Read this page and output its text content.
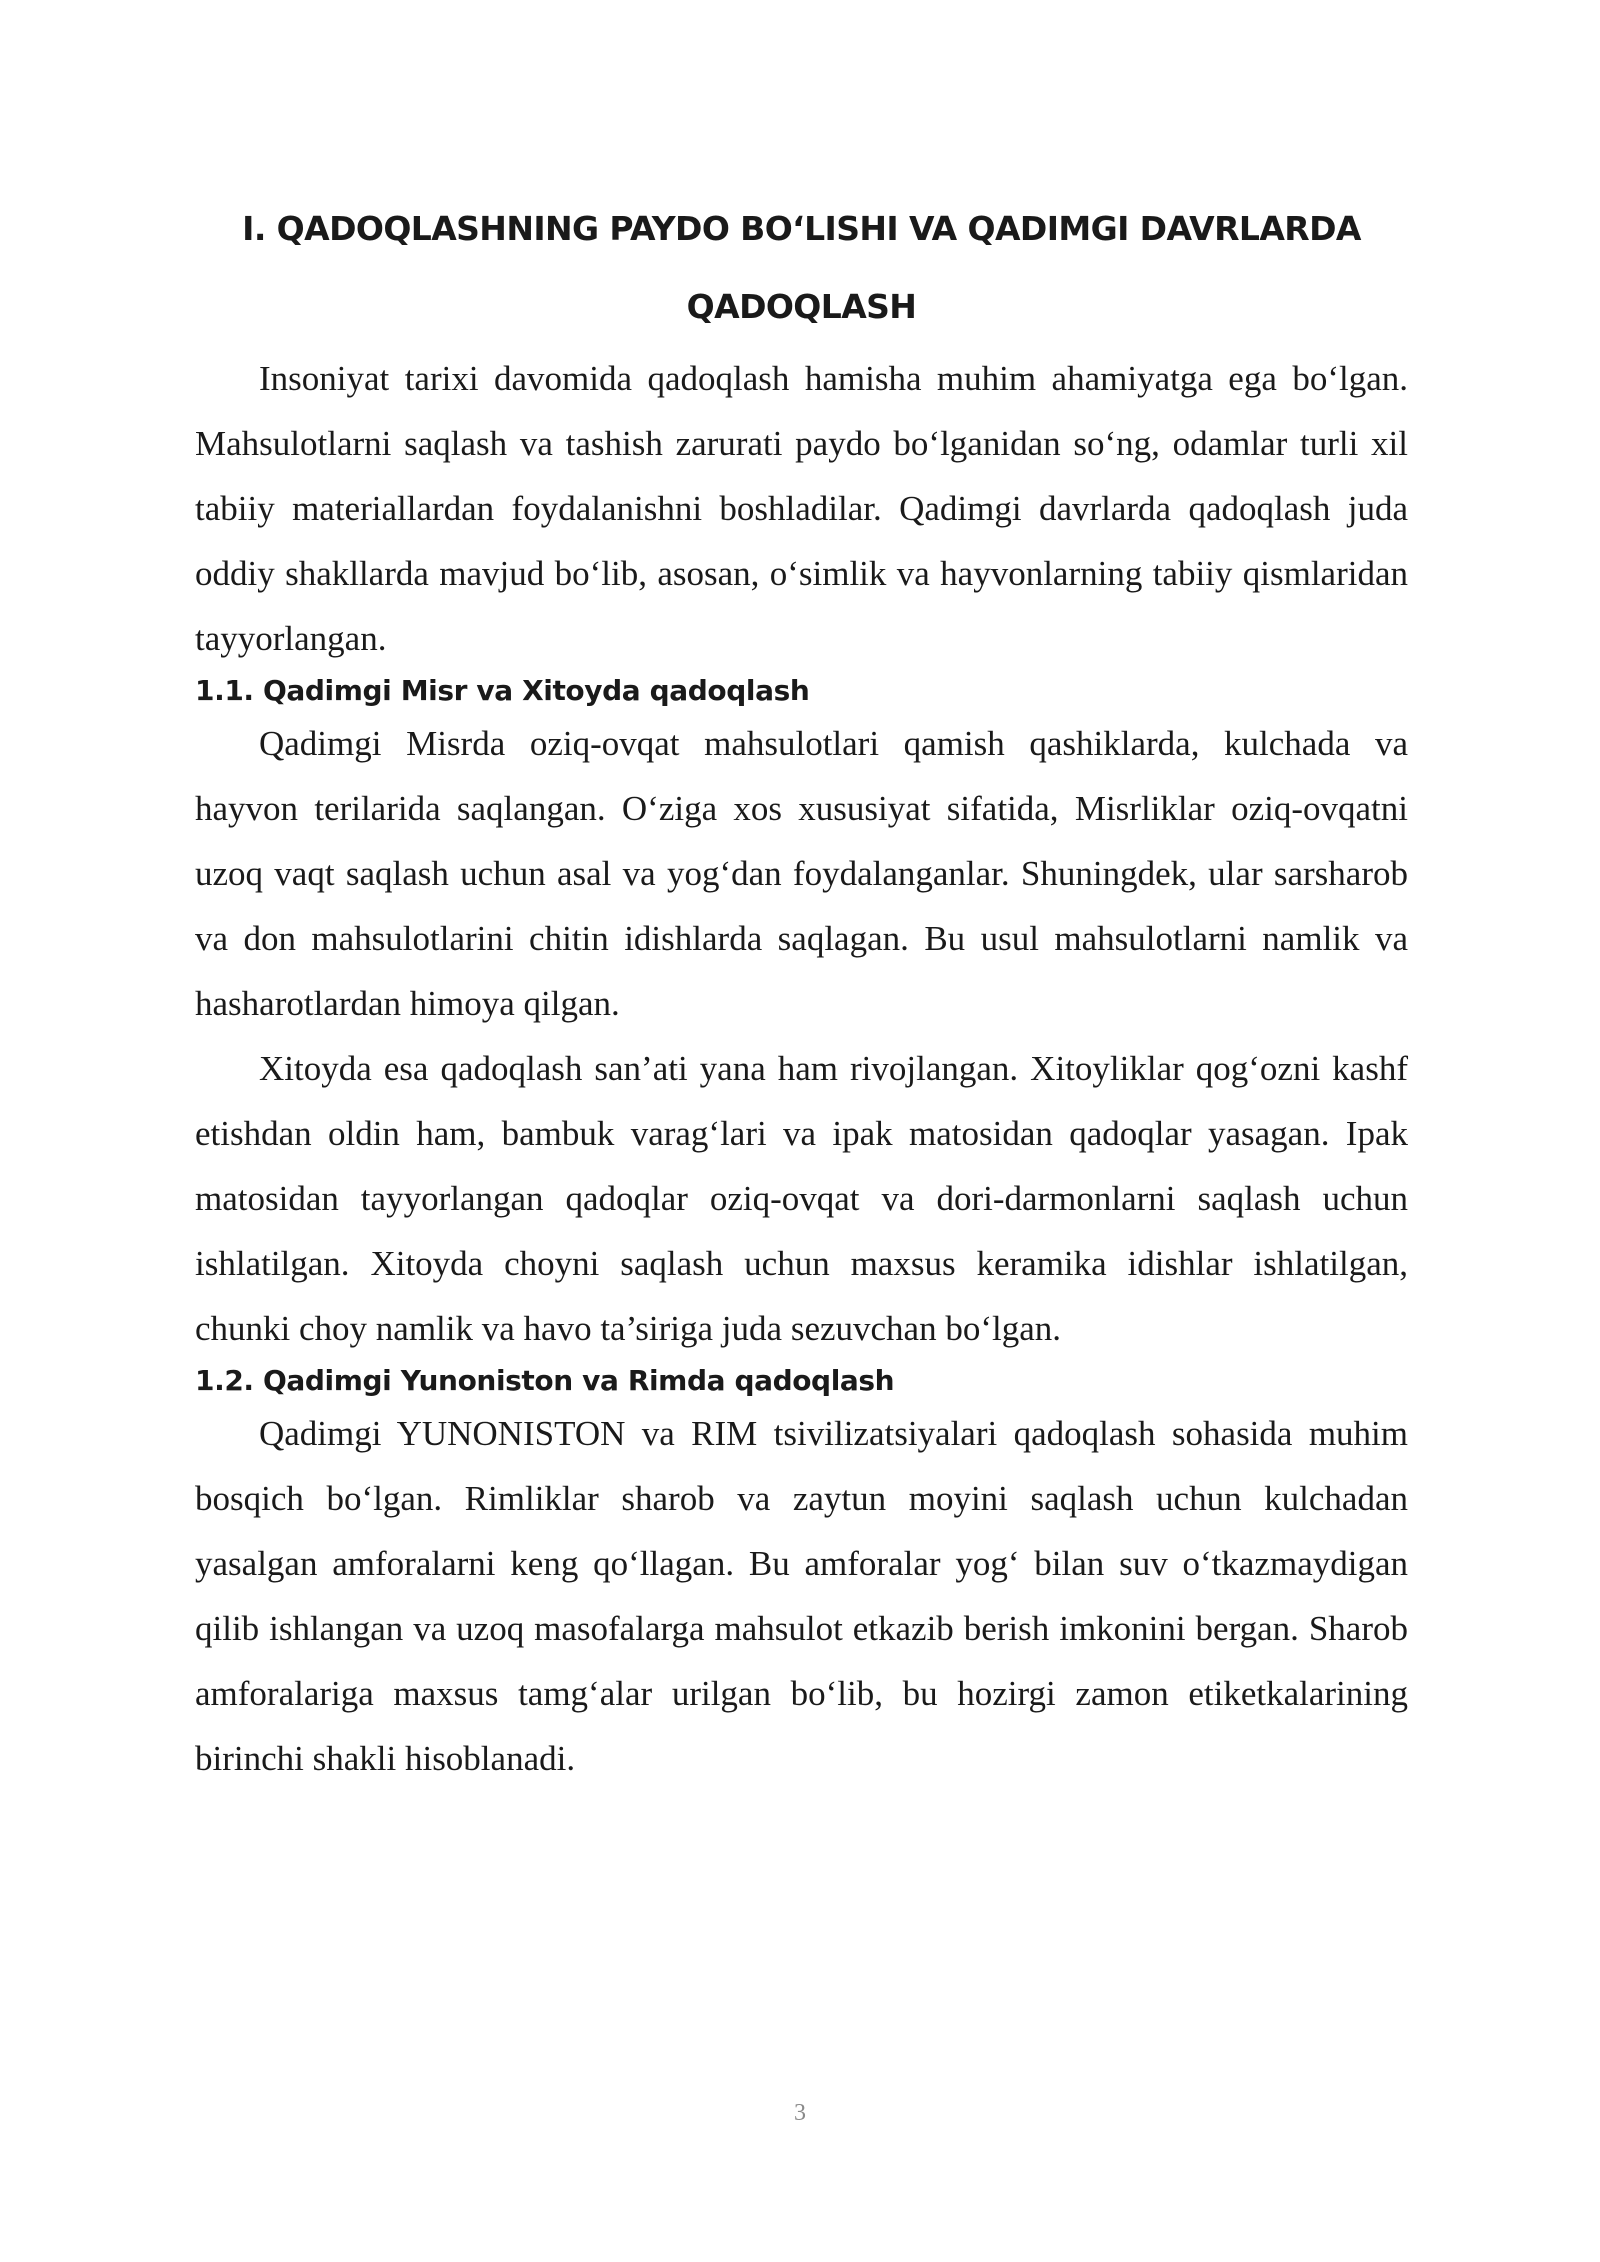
I. QADOQLASHNING PAYDO BO‘LISHI VA QADIMGI DAVRLARDA
QADOQLASH

Insoniyat tarixi davomida qadoqlash hamisha muhim ahamiyatga ega bo‘lgan. Mahsulotlarni saqlash va tashish zarurati paydo bo‘lganidan so‘ng, odamlar turli xil tabiiy materiallardan foydalanishni boshladilar. Qadimgi davrlarda qadoqlash juda oddiy shakllarda mavjud bo‘lib, asosan, o‘simlik va hayvonlarning tabiiy qismlaridan tayyorlangan.

1.1. Qadimgi Misr va Xitoyda qadoqlash

Qadimgi Misrda oziq-ovqat mahsulotlari qamish qashiklarda, kulchada va hayvon terilarida saqlangan. O‘ziga xos xususiyat sifatida, Misrliklar oziq-ovqatni uzoq vaqt saqlash uchun asal va yog‘dan foydalanganlar. Shuningdek, ular sarsharob va don mahsulotlarini chitin idishlarda saqlagan. Bu usul mahsulotlarni namlik va hasharotlardan himoya qilgan.

Xitoyda esa qadoqlash san’ati yana ham rivojlangan. Xitoyliklar qog‘ozni kashf etishdan oldin ham, bambuk varag‘lari va ipak matosidan qadoqlar yasagan. Ipak matosidan tayyorlangan qadoqlar oziq-ovqat va dori-darmonlarni saqlash uchun ishlatilgan. Xitoyda choyni saqlash uchun maxsus keramika idishlar ishlatilgan, chunki choy namlik va havo ta’siriga juda sezuvchan bo‘lgan.

1.2. Qadimgi Yunoniston va Rimda qadoqlash

Qadimgi YUNONISTON va RIM tsivilizatsiyalari qadoqlash sohasida muhim bosqich bo‘lgan. Rimliklar sharob va zaytun moyini saqlash uchun kulchadan yasalgan amforalarni keng qo‘llagan. Bu amforalar yog‘ bilan suv o‘tkazmaydigan qilib ishlangan va uzoq masofalarga mahsulot etkazib berish imkonini bergan. Sharob amforalariga maxsus tamg‘alar urilgan bo‘lib, bu hozirgi zamon etiketkalarining birinchi shakli hisoblanadi.

3
